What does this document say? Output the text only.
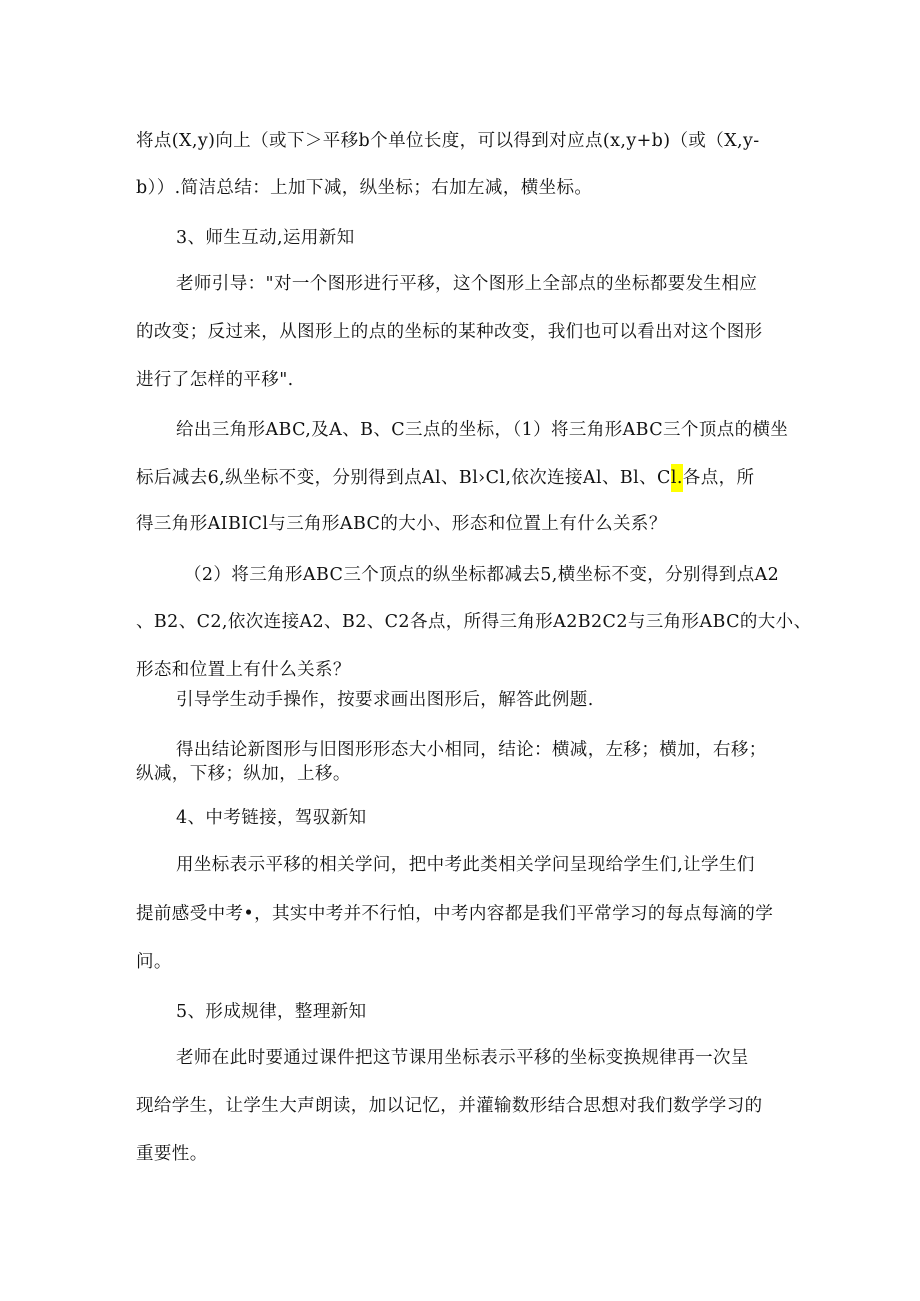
将点(X,y)向上（或下＞平移b个单位长度，可以得到对应点(x,y+b)（或（X,y-
b））.简洁总结：上加下减，纵坐标；右加左减，横坐标。
3、师生互动,运用新知
老师引导："对一个图形进行平移，这个图形上全部点的坐标都要发生相应
的改变；反过来，从图形上的点的坐标的某种改变，我们也可以看出对这个图形
进行了怎样的平移".
给出三角形ABC,及A、B、C三点的坐标，（1）将三角形ABC三个顶点的横坐
标后减去6,纵坐标不变，分别得到点Al、Bl›Cl,依次连接Al、Bl、Cl.各点，所
得三角形AIBICl与三角形ABC的大小、形态和位置上有什么关系？
（2）将三角形ABC三个顶点的纵坐标都减去5,横坐标不变，分别得到点A2
、B2、C2,依次连接A2、B2、C2各点，所得三角形A2B2C2与三角形ABC的大小、
形态和位置上有什么关系？
引导学生动手操作，按要求画出图形后，解答此例题.
得出结论新图形与旧图形形态大小相同，结论：横减，左移；横加，右移；
纵减，下移；纵加，上移。
4、中考链接，驾驭新知
用坐标表示平移的相关学问，把中考此类相关学问呈现给学生们,让学生们
提前感受中考•，其实中考并不行怕，中考内容都是我们平常学习的每点每滴的学
问。
5、形成规律，整理新知
老师在此时要通过课件把这节课用坐标表示平移的坐标变换规律再一次呈
现给学生，让学生大声朗读，加以记忆，并灌输数形结合思想对我们数学学习的
重要性。
